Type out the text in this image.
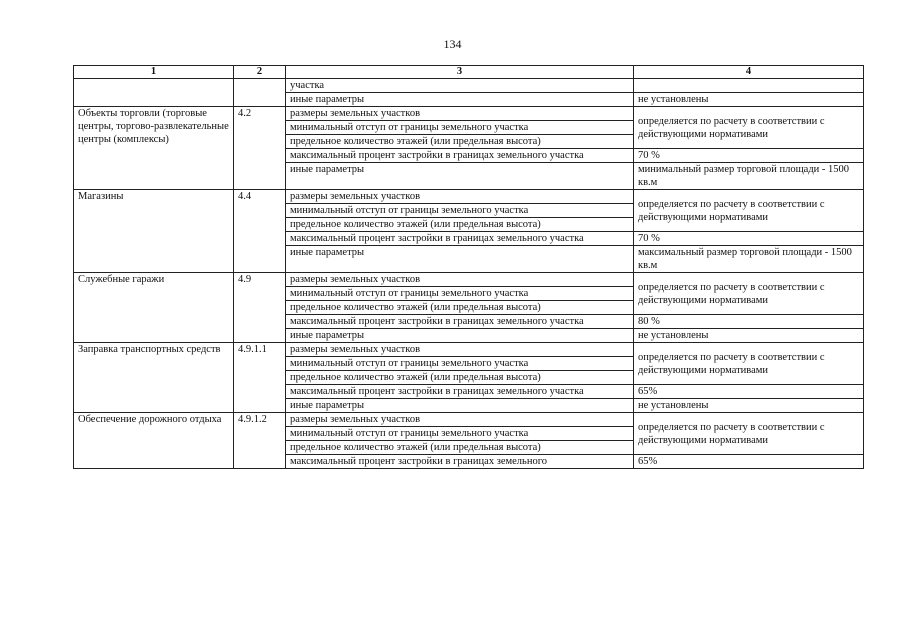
134
1	2	3	4
		участка	
		иные параметры	не установлены
Объекты торговли (торговые центры, торгово-развлекательные центры (комплексы)	4.2	размеры земельных участков	определяется по расчету в соответствии с действующими нормативами
		минимальный отступ от границы земельного участка	
		предельное количество этажей (или предельная высота)	
		максимальный процент застройки в границах земельного участка	70 %
		иные параметры	минимальный размер торговой площади - 1500 кв.м
Магазины	4.4	размеры земельных участков	определяется по расчету в соответствии с действующими нормативами
		минимальный отступ от границы земельного участка	
		предельное количество этажей (или предельная высота)	
		максимальный процент застройки в границах земельного участка	70 %
		иные параметры	максимальный размер торговой площади - 1500 кв.м
Служебные гаражи	4.9	размеры земельных участков	определяется по расчету в соответствии с действующими нормативами
		минимальный отступ от границы земельного участка	
		предельное количество этажей (или предельная высота)	
		максимальный процент застройки в границах земельного участка	80 %
		иные параметры	не установлены
Заправка транспортных средств	4.9.1.1	размеры земельных участков	определяется по расчету в соответствии с действующими нормативами
		минимальный отступ от границы земельного участка	
		предельное количество этажей (или предельная высота)	
		максимальный процент застройки в границах земельного участка	65%
		иные параметры	не установлены
Обеспечение дорожного отдыха	4.9.1.2	размеры земельных участков	определяется по расчету в соответствии с действующими нормативами
		минимальный отступ от границы земельного участка	
		предельное количество этажей (или предельная высота)	
		максимальный процент застройки в границах земельного	65%
